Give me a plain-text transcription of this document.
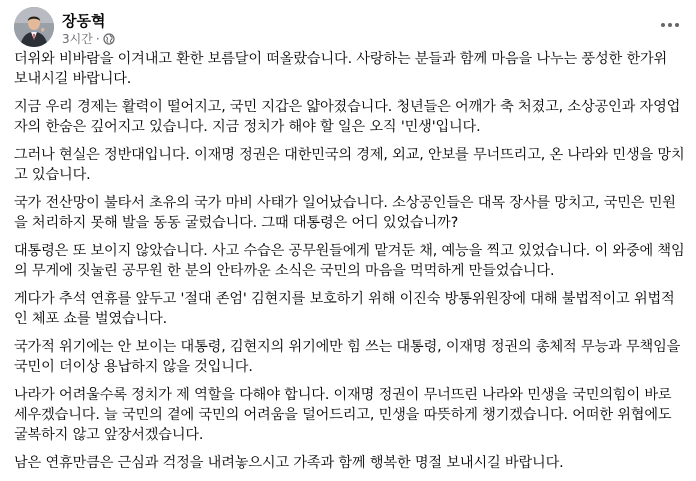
장동혁
3시간 ·

더위와 비바람을 이겨내고 환한 보름달이 떠올랐습니다. 사랑하는 분들과 함께 마음을 나누는 풍성한 한가위
보내시길 바랍니다.

지금 우리 경제는 활력이 떨어지고, 국민 지갑은 얇아졌습니다. 청년들은 어깨가 축 처졌고, 소상공인과 자영업
자의 한숨은 깊어지고 있습니다. 지금 정치가 해야 할 일은 오직 '민생'입니다.

그러나 현실은 정반대입니다. 이재명 정권은 대한민국의 경제, 외교, 안보를 무너뜨리고, 온 나라와 민생을 망치
고 있습니다.

국가 전산망이 불타서 초유의 국가 마비 사태가 일어났습니다. 소상공인들은 대목 장사를 망치고, 국민은 민원
을 처리하지 못해 발을 동동 굴렀습니다. 그때 대통령은 어디 있었습니까?

대통령은 또 보이지 않았습니다. 사고 수습은 공무원들에게 맡겨둔 채, 예능을 찍고 있었습니다. 이 와중에 책임
의 무게에 짓눌린 공무원 한 분의 안타까운 소식은 국민의 마음을 먹먹하게 만들었습니다.

게다가 추석 연휴를 앞두고 '절대 존엄' 김현지를 보호하기 위해 이진숙 방통위원장에 대해 불법적이고 위법적
인 체포 쇼를 벌였습니다.

국가적 위기에는 안 보이는 대통령, 김현지의 위기에만 힘 쓰는 대통령, 이재명 정권의 총체적 무능과 무책임을
국민이 더이상 용납하지 않을 것입니다.

나라가 어려울수록 정치가 제 역할을 다해야 합니다. 이재명 정권이 무너뜨린 나라와 민생을 국민의힘이 바로
세우겠습니다. 늘 국민의 곁에 국민의 어려움을 덜어드리고, 민생을 따뜻하게 챙기겠습니다. 어떠한 위협에도
굴복하지 않고 앞장서겠습니다.

남은 연휴만큼은 근심과 걱정을 내려놓으시고 가족과 함께 행복한 명절 보내시길 바랍니다.
